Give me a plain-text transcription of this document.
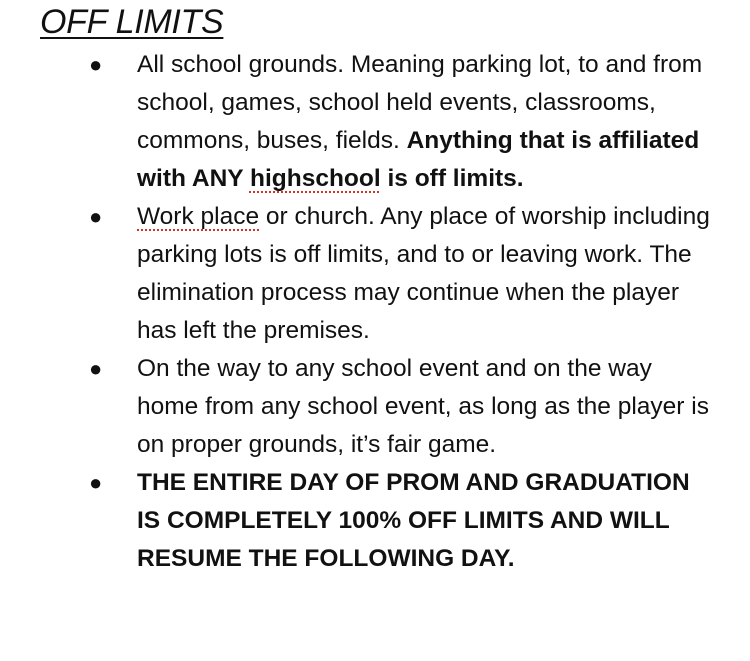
OFF LIMITS
● All school grounds. Meaning parking lot, to and from school, games, school held events, classrooms, commons, buses, fields. Anything that is affiliated with ANY highschool is off limits.
● Work place or church. Any place of worship including parking lots is off limits, and to or leaving work. The elimination process may continue when the player has left the premises.
● On the way to any school event and on the way home from any school event, as long as the player is on proper grounds, it’s fair game.
● THE ENTIRE DAY OF PROM AND GRADUATION IS COMPLETELY 100% OFF LIMITS AND WILL RESUME THE FOLLOWING DAY.
